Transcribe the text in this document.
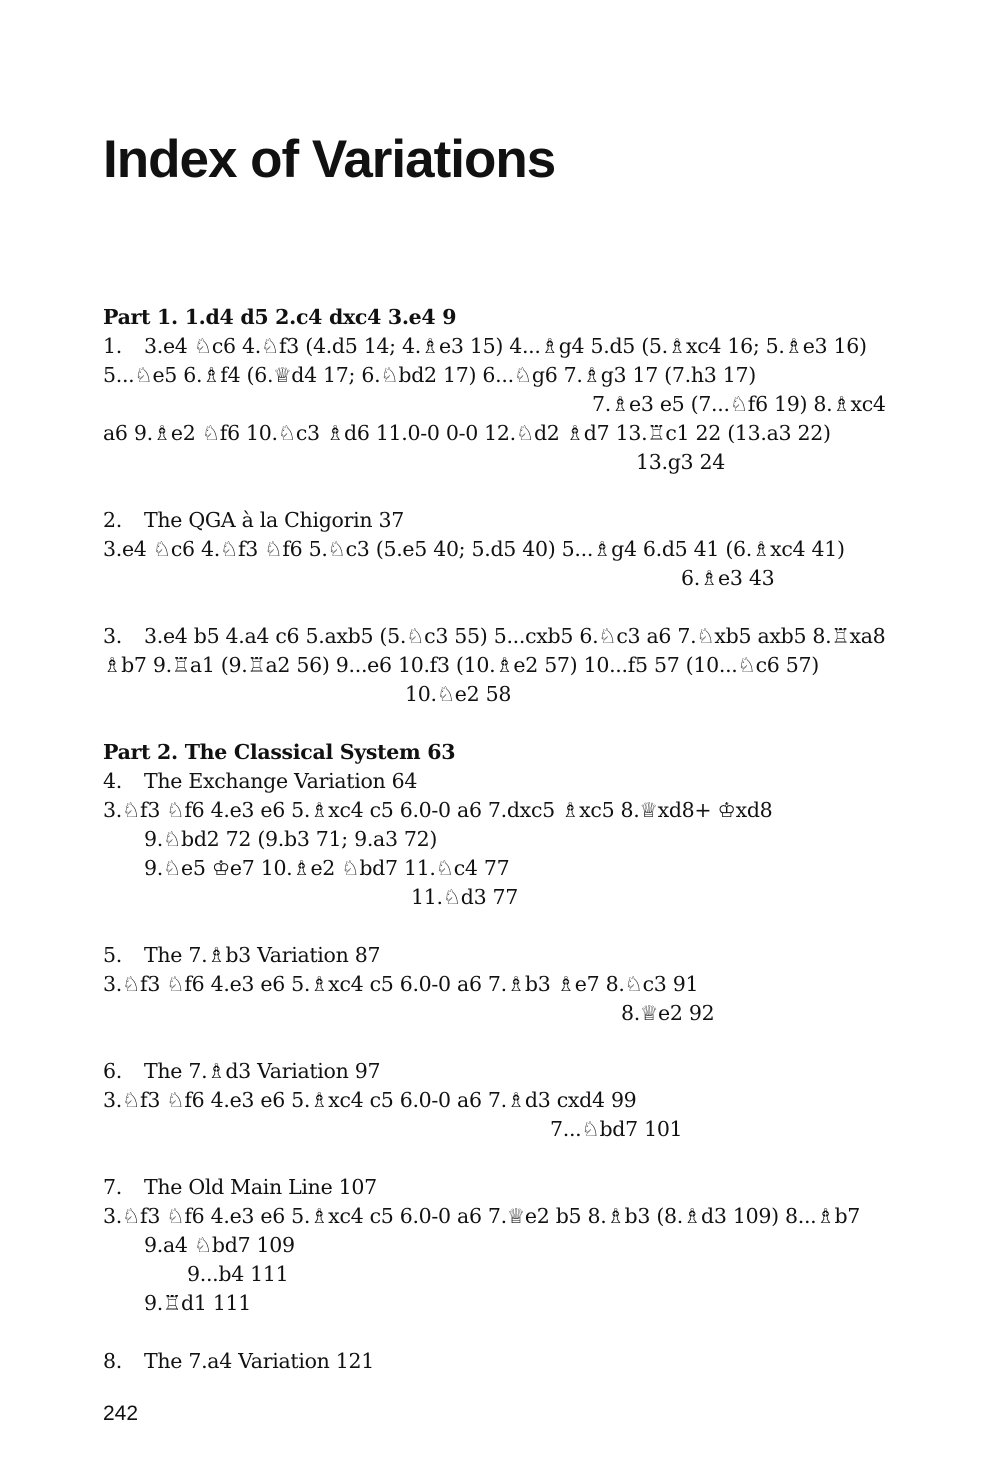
Index of Variations
Part 1. 1.d4 d5 2.c4 dxc4 3.e4 9
1. 3.e4 ♘c6 4.♘f3 (4.d5 14; 4.♗e3 15) 4...♗g4 5.d5 (5.♗xc4 16; 5.♗e3 16)
5...♘e5 6.♗f4 (6.♕d4 17; 6.♘bd2 17) 6...♘g6 7.♗g3 17 (7.h3 17)
7.♗e3 e5 (7...♘f6 19) 8.♗xc4
a6 9.♗e2 ♘f6 10.♘c3 ♗d6 11.0-0 0-0 12.♘d2 ♗d7 13.♖c1 22 (13.a3 22)
13.g3 24
2. The QGA à la Chigorin 37
3.e4 ♘c6 4.♘f3 ♘f6 5.♘c3 (5.e5 40; 5.d5 40) 5...♗g4 6.d5 41 (6.♗xc4 41)
6.♗e3 43
3. 3.e4 b5 4.a4 c6 5.axb5 (5.♘c3 55) 5...cxb5 6.♘c3 a6 7.♘xb5 axb5 8.♖xa8
♗b7 9.♖a1 (9.♖a2 56) 9...e6 10.f3 (10.♗e2 57) 10...f5 57 (10...♘c6 57)
10.♘e2 58
Part 2. The Classical System 63
4. The Exchange Variation 64
3.♘f3 ♘f6 4.e3 e6 5.♗xc4 c5 6.0-0 a6 7.dxc5 ♗xc5 8.♕xd8+ ♔xd8
9.♘bd2 72 (9.b3 71; 9.a3 72)
9.♘e5 ♔e7 10.♗e2 ♘bd7 11.♘c4 77
11.♘d3 77
5. The 7.♗b3 Variation 87
3.♘f3 ♘f6 4.e3 e6 5.♗xc4 c5 6.0-0 a6 7.♗b3 ♗e7 8.♘c3 91
8.♕e2 92
6. The 7.♗d3 Variation 97
3.♘f3 ♘f6 4.e3 e6 5.♗xc4 c5 6.0-0 a6 7.♗d3 cxd4 99
7...♘bd7 101
7. The Old Main Line 107
3.♘f3 ♘f6 4.e3 e6 5.♗xc4 c5 6.0-0 a6 7.♕e2 b5 8.♗b3 (8.♗d3 109) 8...♗b7
9.a4 ♘bd7 109
9...b4 111
9.♖d1 111
8. The 7.a4 Variation 121
242
